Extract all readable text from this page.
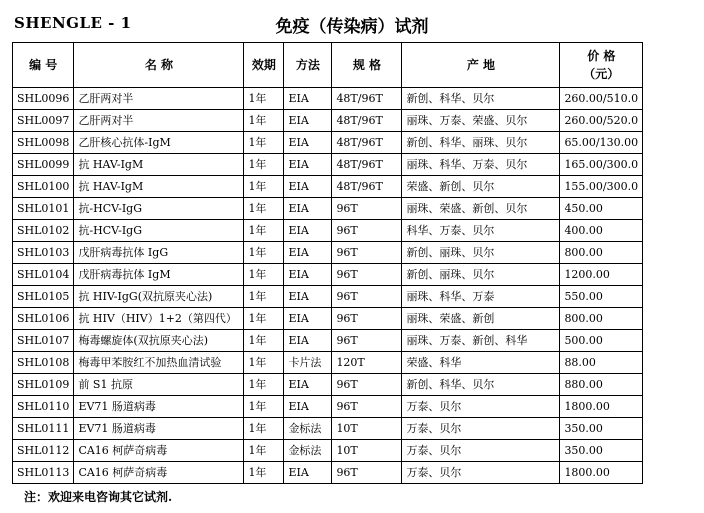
SHENGLE - 1	免疫（传染病）试剂
编 号	名 称	效期	方法	规 格	产 地	价 格
（元）

SHL0096	乙肝两对半	1年	EIA	48T/96T	新创、科华、贝尔	260.00/510.0
SHL0097	乙肝两对半	1年	EIA	48T/96T	丽珠、万泰、荣盛、贝尔	260.00/520.0
SHL0098	乙肝核心抗体-IgM	1年	EIA	48T/96T	新创、科华、丽珠、贝尔	65.00/130.00
SHL0099	抗 HAV-IgM	1年	EIA	48T/96T	丽珠、科华、万泰、贝尔	165.00/300.0
SHL0100	抗 HAV-IgM	1年	EIA	48T/96T	荣盛、新创、贝尔	155.00/300.0
SHL0101	抗-HCV-IgG	1年	EIA	96T	丽珠、荣盛、新创、贝尔	450.00
SHL0102	抗-HCV-IgG	1年	EIA	96T	科华、万泰、贝尔	400.00
SHL0103	戊肝病毒抗体 IgG	1年	EIA	96T	新创、丽珠、贝尔	800.00
SHL0104	戊肝病毒抗体 IgM	1年	EIA	96T	新创、丽珠、贝尔	1200.00
SHL0105	抗 HIV-IgG(双抗原夹心法)	1年	EIA	96T	丽珠、科华、万泰	550.00
SHL0106	抗 HIV（HIV）1+2（第四代）	1年	EIA	96T	丽珠、荣盛、新创	800.00
SHL0107	梅毒螺旋体(双抗原夹心法)	1年	EIA	96T	丽珠、万泰、新创、科华	500.00
SHL0108	梅毒甲苯胺红不加热血清试验	1年	卡片法	120T	荣盛、科华	88.00
SHL0109	前 S1 抗原	1年	EIA	96T	新创、科华、贝尔	880.00
SHL0110	EV71 肠道病毒	1年	EIA	96T	万泰、贝尔	1800.00
SHL0111	EV71 肠道病毒	1年	金标法	10T	万泰、贝尔	350.00
SHL0112	CA16 柯萨奇病毒	1年	金标法	10T	万泰、贝尔	350.00
SHL0113	CA16 柯萨奇病毒	1年	EIA	96T	万泰、贝尔	1800.00
注：欢迎来电咨询其它试剂.
